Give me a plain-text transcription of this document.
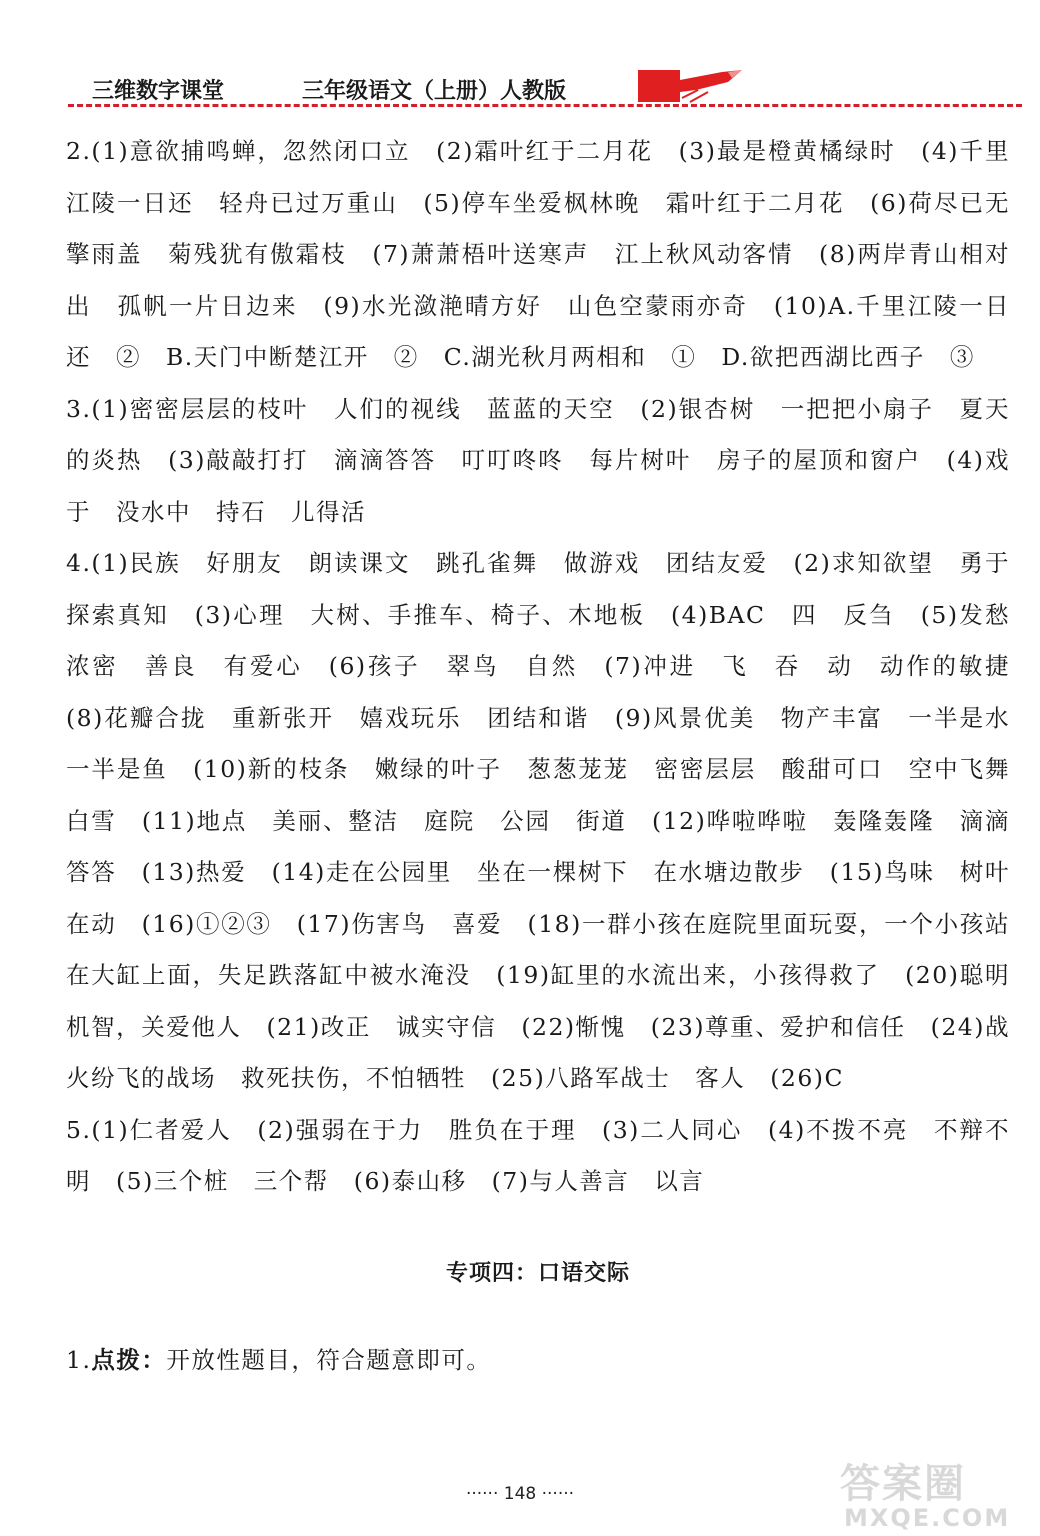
三维数字课堂	三年级语文（上册）人教版

2.(1)意欲捕鸣蝉，忽然闭口立　(2)霜叶红于二月花　(3)最是橙黄橘绿时　(4)千里江陵一日还　轻舟已过万重山　(5)停车坐爱枫林晚　霜叶红于二月花　(6)荷尽已无擎雨盖　菊残犹有傲霜枝　(7)萧萧梧叶送寒声　江上秋风动客情　(8)两岸青山相对出　孤帆一片日边来　(9)水光潋滟晴方好　山色空蒙雨亦奇　(10)A.千里江陵一日还　②　B.天门中断楚江开　②　C.湖光秋月两相和　①　D.欲把西湖比西子　③

3.(1)密密层层的枝叶　人们的视线　蓝蓝的天空　(2)银杏树　一把把小扇子　夏天的炎热　(3)敲敲打打　滴滴答答　叮叮咚咚　每片树叶　房子的屋顶和窗户　(4)戏于　没水中　持石　儿得活

4.(1)民族　好朋友　朗读课文　跳孔雀舞　做游戏　团结友爱　(2)求知欲望　勇于探索真知　(3)心理　大树、手推车、椅子、木地板　(4)BAC　四　反刍　(5)发愁　浓密　善良　有爱心　(6)孩子　翠鸟　自然　(7)冲进　飞　吞　动　动作的敏捷　(8)花瓣合拢　重新张开　嬉戏玩乐　团结和谐　(9)风景优美　物产丰富　一半是水　一半是鱼　(10)新的枝条　嫩绿的叶子　葱葱茏茏　密密层层　酸甜可口　空中飞舞　白雪　(11)地点　美丽、整洁　庭院　公园　街道　(12)哗啦哗啦　轰隆轰隆　滴滴答答　(13)热爱　(14)走在公园里　坐在一棵树下　在水塘边散步　(15)鸟味　树叶在动　(16)①②③　(17)伤害鸟　喜爱　(18)一群小孩在庭院里面玩耍，一个小孩站在大缸上面，失足跌落缸中被水淹没　(19)缸里的水流出来，小孩得救了　(20)聪明机智，关爱他人　(21)改正　诚实守信　(22)惭愧　(23)尊重、爱护和信任　(24)战火纷飞的战场　救死扶伤，不怕牺牲　(25)八路军战士　客人　(26)C

5.(1)仁者爱人　(2)强弱在于力　胜负在于理　(3)二人同心　(4)不拨不亮　不辩不明　(5)三个桩　三个帮　(6)泰山移　(7)与人善言　以言

专项四：口语交际

1.点拨：开放性题目，符合题意即可。

······ 148 ······	答案圈
MXQE.COM
